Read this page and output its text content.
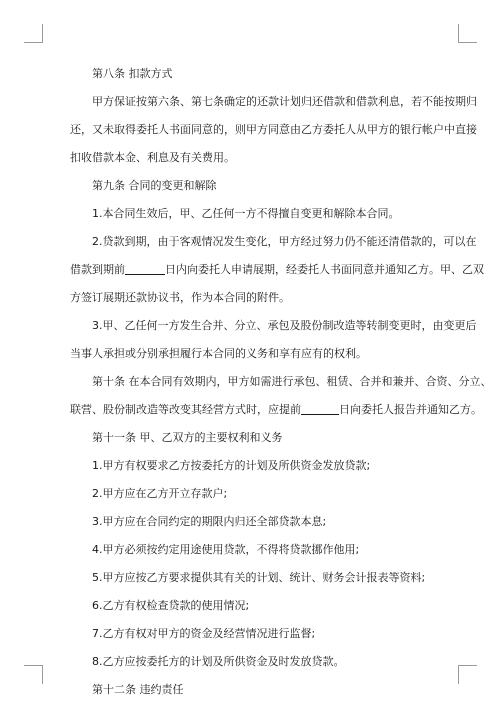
第八条 扣款方式

甲方保证按第六条、第七条确定的还款计划归还借款和借款利息，若不能按期归

还，又未取得委托人书面同意的，则甲方同意由乙方委托人从甲方的银行帐户中直接

扣收借款本金、利息及有关费用。

第九条 合同的变更和解除

1.本合同生效后，甲、乙任何一方不得擅自变更和解除本合同。

2.贷款到期，由于客观情况发生变化，甲方经过努力仍不能还清借款的，可以在

借款到期前	日内向委托人申请展期，经委托人书面同意并通知乙方。甲、乙双

方签订展期还款协议书，作为本合同的附件。

3.甲、乙任何一方发生合并、分立、承包及股份制改造等转制变更时，由变更后

当事人承担或分别承担履行本合同的义务和享有应有的权利。

第十条 在本合同有效期内，甲方如需进行承包、租赁、合并和兼并、合资、分立、

联营、股份制改造等改变其经营方式时，应提前	日向委托人报告并通知乙方。

第十一条 甲、乙双方的主要权利和义务

1.甲方有权要求乙方按委托方的计划及所供资金发放贷款;

2.甲方应在乙方开立存款户;

3.甲方应在合同约定的期限内归还全部贷款本息;

4.甲方必须按约定用途使用贷款，不得将贷款挪作他用;

5.甲方应按乙方要求提供其有关的计划、统计、财务会计报表等资料;

6.乙方有权检查贷款的使用情况;

7.乙方有权对甲方的资金及经营情况进行监督;

8.乙方应按委托方的计划及所供资金及时发放贷款。

第十二条 违约责任
